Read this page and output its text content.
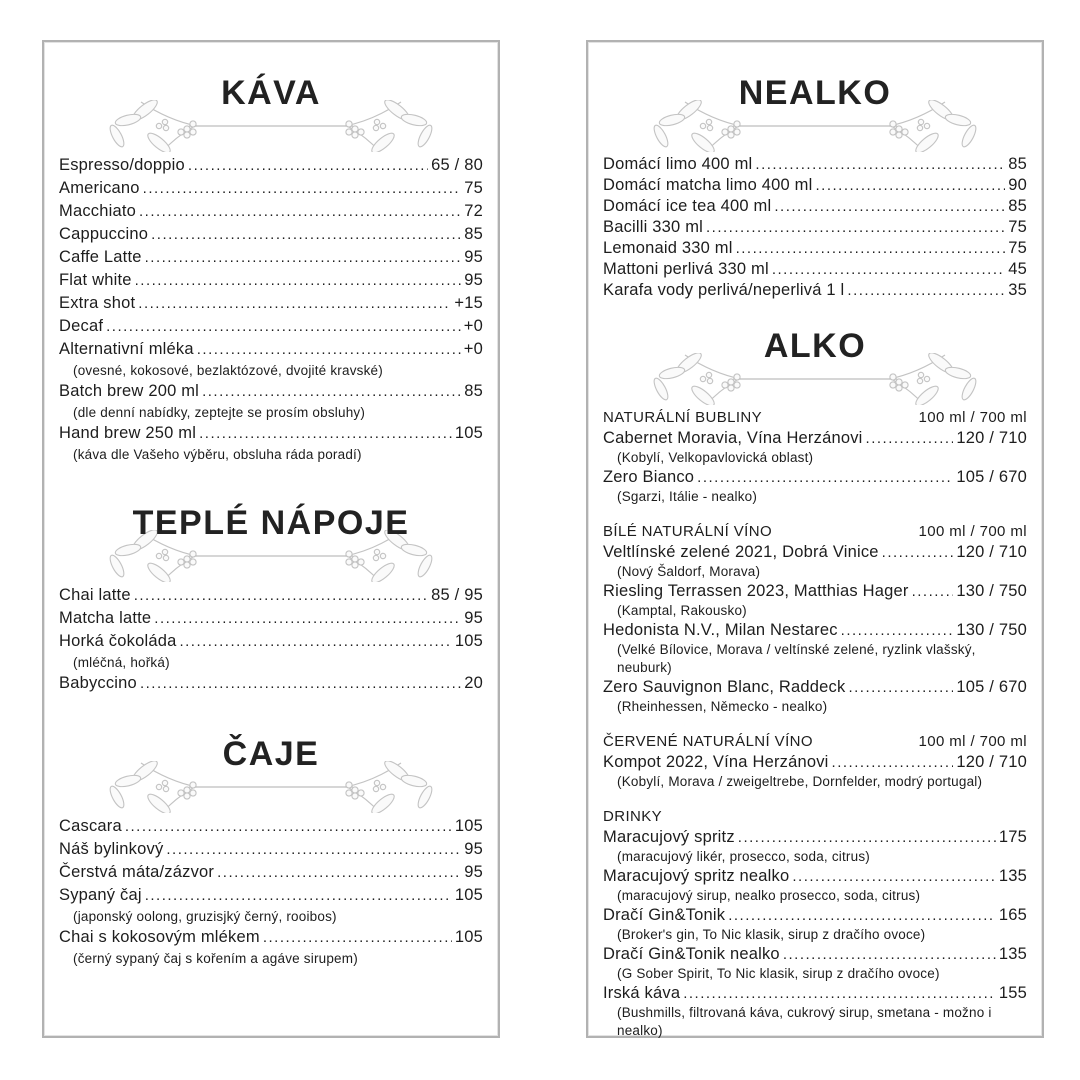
KÁVA
Espresso/doppio .....	65 / 80
Americano .....	75
Macchiato .....	72
Cappuccino .....	85
Caffe Latte .....	95
Flat white .....	95
Extra shot .....	+15
Decaf .....	+0
Alternativní mléka .....	+0
(ovesné, kokosové, bezlaktózové, dvojité kravské)
Batch brew 200 ml .....	85
(dle denní nabídky, zeptejte se prosím obsluhy)
Hand brew 250 ml .....	105
(káva dle Vašeho výběru, obsluha ráda poradí)
TEPLÉ NÁPOJE
Chai latte .....	85 / 95
Matcha latte .....	95
Horká čokoláda .....	105
(mléčná, hořká)
Babyccino .....	20
ČAJE
Cascara .....	105
Náš bylinkový .....	95
Čerstvá máta/zázvor .....	95
Sypaný čaj .....	105
(japonský oolong, gruzisjký černý, rooibos)
Chai s kokosovým mlékem .....	105
(černý sypaný čaj s kořením a agáve sirupem)
NEALKO
Domácí limo 400 ml .....	85
Domácí matcha limo 400 ml .....	90
Domácí ice tea 400 ml .....	85
Bacilli 330 ml .....	75
Lemonaid 330 ml .....	75
Mattoni perlivá 330 ml .....	45
Karafa vody perlivá/neperlivá 1 l .....	35
ALKO
NATURÁLNÍ BUBLINY	100 ml / 700 ml
Cabernet Moravia, Vína Herzánovi .....	120 / 710
(Kobylí, Velkopavlovická oblast)
Zero Bianco .....	105 / 670
(Sgarzi, Itálie - nealko)
BÍLÉ NATURÁLNÍ VÍNO	100 ml / 700 ml
Veltlínské zelené 2021, Dobrá Vinice .....	120 / 710
(Nový Šaldorf, Morava)
Riesling Terrassen 2023, Matthias Hager .....	130 / 750
(Kamptal, Rakousko)
Hedonista N.V., Milan Nestarec .....	130 / 750
(Velké Bílovice, Morava / veltínské zelené, ryzlink vlašský, neuburk)
Zero Sauvignon Blanc, Raddeck .....	105 / 670
(Rheinhessen, Německo - nealko)
ČERVENÉ NATURÁLNÍ VÍNO	100 ml / 700 ml
Kompot 2022, Vína Herzánovi .....	120 / 710
(Kobylí, Morava / zweigeltrebe, Dornfelder, modrý portugal)
DRINKY
Maracujový spritz .....	175
(maracujový likér, prosecco, soda, citrus)
Maracujový spritz nealko .....	135
(maracujový sirup, nealko prosecco, soda, citrus)
Dračí Gin&Tonik .....	165
(Broker's gin, To Nic klasik, sirup z dračího ovoce)
Dračí Gin&Tonik nealko .....	135
(G Sober Spirit, To Nic klasik, sirup z dračího ovoce)
Irská káva .....	155
(Bushmills, filtrovaná káva, cukrový sirup, smetana - možno i nealko)
